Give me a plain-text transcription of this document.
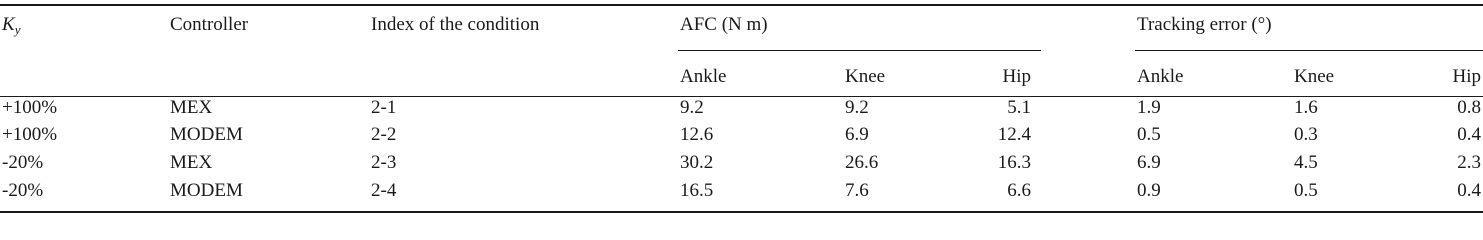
$K_y$	Controller	Index of the condition	AFC (N m)	Tracking error (°)
Ankle	Knee	Hip	Ankle	Knee	Hip
+100%	MEX	2-1	9.2	9.2	5.1	1.9	1.6	0.8
+100%	MODEM	2-2	12.6	6.9	12.4	0.5	0.3	0.4
-20%	MEX	2-3	30.2	26.6	16.3	6.9	4.5	2.3
-20%	MODEM	2-4	16.5	7.6	6.6	0.9	0.5	0.4
